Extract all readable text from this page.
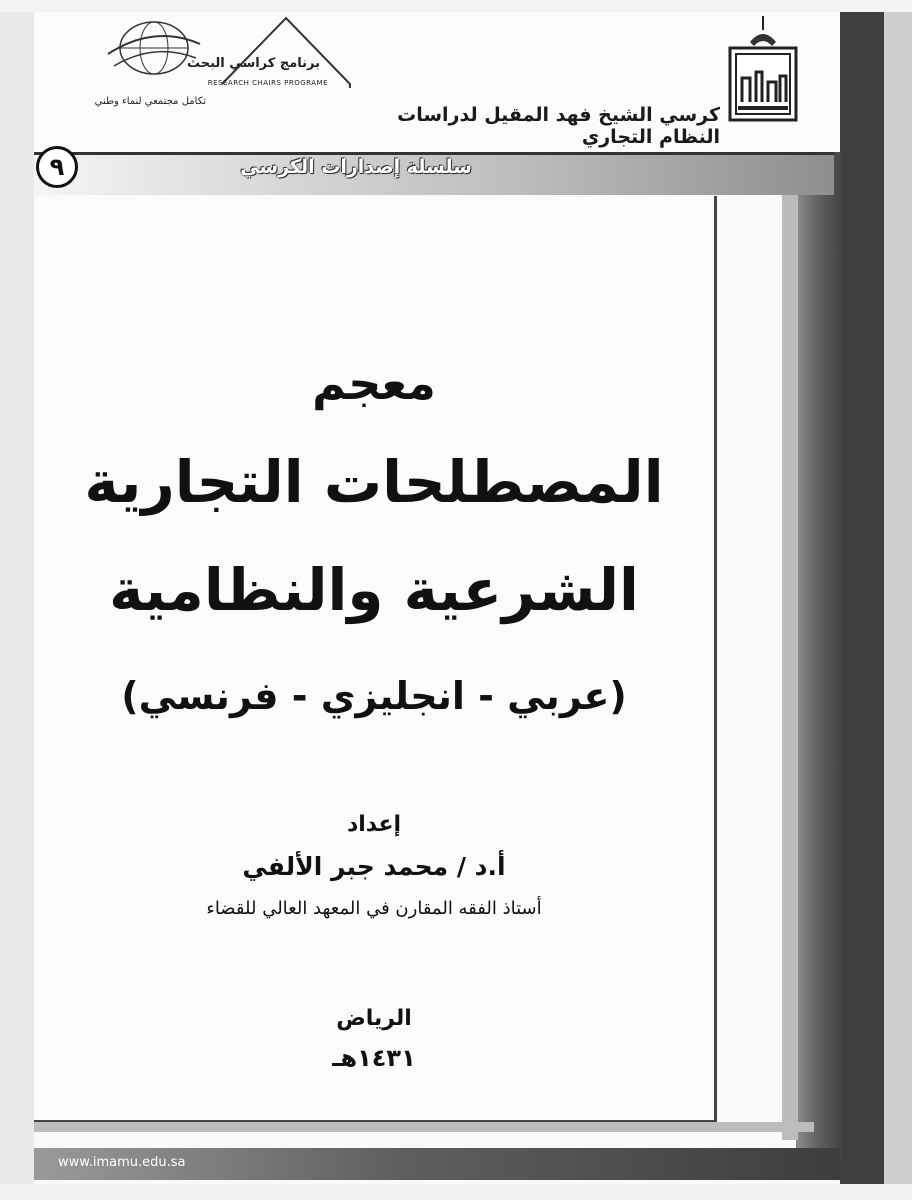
كرسي الشيخ فهد المقيل لدراسات النظام التجاري
برنامج كراسي البحث
RESEARCH CHAIRS PROGRAME
تكامل مجتمعي لنماء وطني
سلسلة إصدارات الكرسي
٩
معجم
المصطلحات التجارية
الشرعية والنظامية
(عربي - انجليزي - فرنسي)
إعداد
أ.د / محمد جبر الألفي
أستاذ الفقه المقارن في المعهد العالي للقضاء
الرياض
١٤٣١هـ
www.imamu.edu.sa
